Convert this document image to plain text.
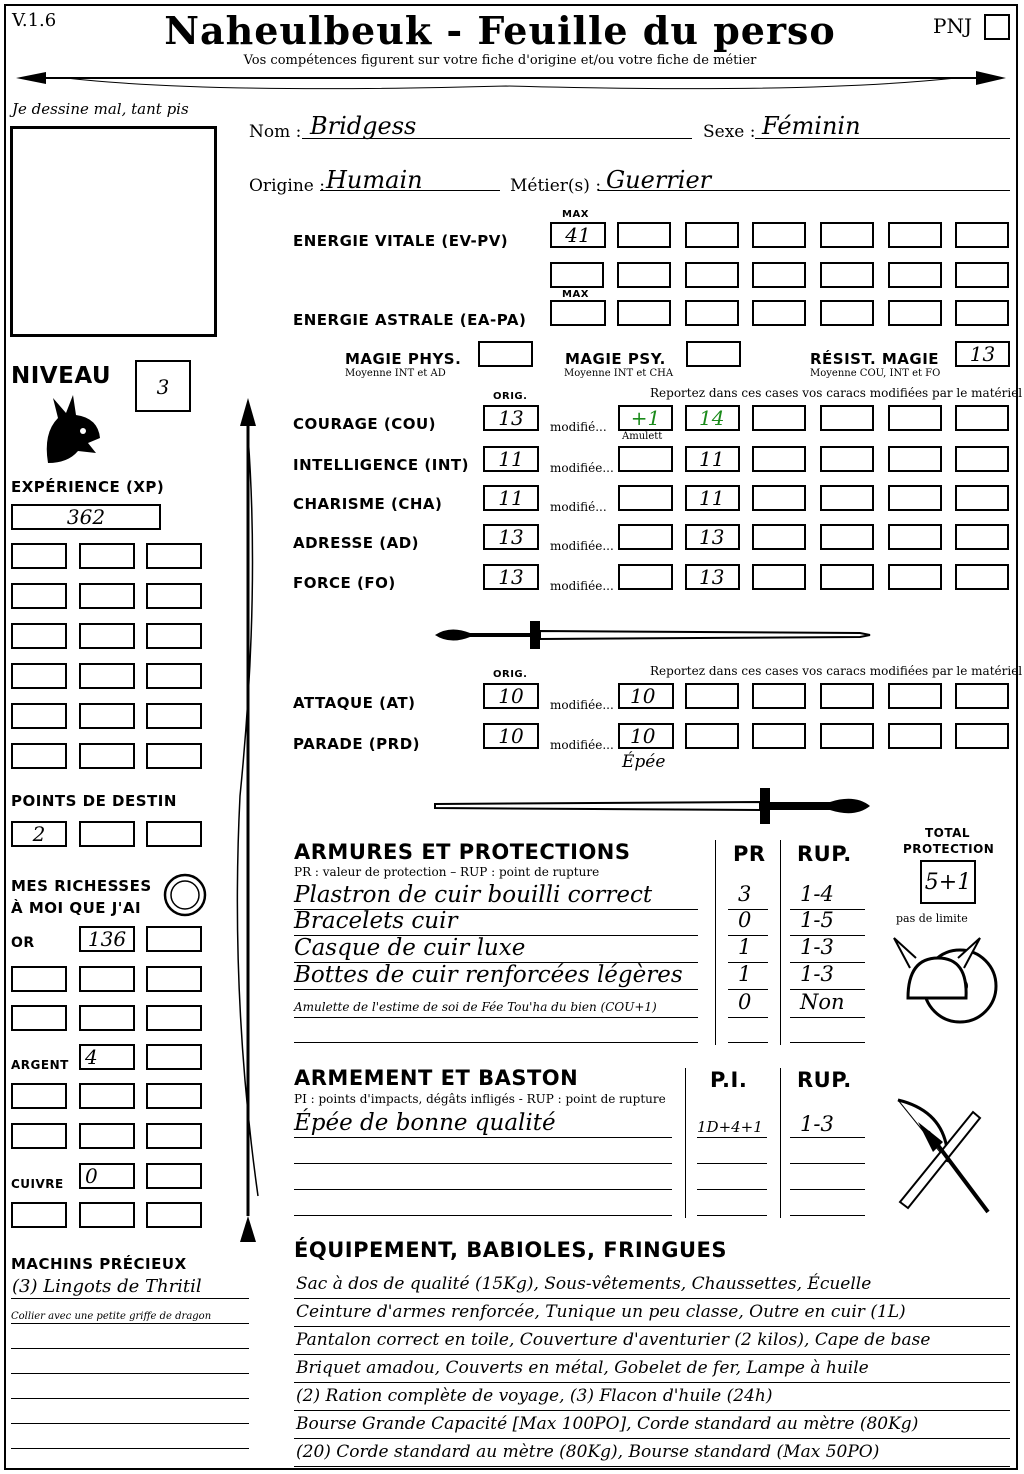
V.1.6	Naheulbeuk - Feuille du perso
Vos compétences figurent sur votre fiche d'origine et/ou votre fiche de métier
PNJ
Je dessine mal, tant pis
Nom : Bridgess	Sexe : Féminin
Origine : Humain	Métier(s) : Guerrier
MAX
ENERGIE VITALE (EV-PV)	41
MAX
ENERGIE ASTRALE (EA-PA)
MAGIE PHYS.
Moyenne INT et AD
MAGIE PSY.
Moyenne INT et CHA
RÉSIST. MAGIE
Moyenne COU, INT et FO
13
NIVEAU	3
EXPÉRIENCE (XP)
362
POINTS DE DESTIN
2
MES RICHESSES
À MOI QUE J'AI
OR	136
ARGENT 4
CUIVRE	0
MACHINS PRÉCIEUX
(3) Lingots de Thritil
Collier avec une petite griffe de dragon
ORIG.	Reportez dans ces cases vos caracs modifiées par le matériel
Amulett
ORIG.	Reportez dans ces cases vos caracs modifiées par le matériel
ATTAQUE (AT)	10	modifiée... 10
PARADE (PRD)	10	modifiée... 10
Épée
ARMURES ET PROTECTIONS
PR : valeur de protection – RUP : point de rupture
PR RUP.
TOTAL
PROTECTION
5+1
pas de limite
ARMEMENT ET BASTON
PI : points d'impacts, dégâts infligés - RUP : point de rupture
P.I. RUP.
ÉQUIPEMENT, BABIOLES, FRINGUES
COURAGE (COU)	13	modifié...	+1	14
INTELLIGENCE (INT)	11	modifiée...	11
CHARISME (CHA)	11	modifié...	11
ADRESSE (AD)	13	modifiée...	13
FORCE (FO)	13	modifiée...	13
Plastron de cuir bouilli correct	3 1-4
Bracelets cuir	0 1-5
Casque de cuir luxe	1 1-3
Bottes de cuir renforcées légères	1 1-3
Amulette de l'estime de soi de Fée Tou'ha du bien (COU+1)	0 Non
Épée de bonne qualité	1D+4+1 1-3
Sac à dos de qualité (15Kg), Sous-vêtements, Chaussettes, Écuelle
Ceinture d'armes renforcée, Tunique un peu classe, Outre en cuir (1L)
Pantalon correct en toile, Couverture d'aventurier (2 kilos), Cape de base
Briquet amadou, Couverts en métal, Gobelet de fer, Lampe à huile
(2) Ration complète de voyage, (3) Flacon d'huile (24h)
Bourse Grande Capacité [Max 100PO], Corde standard au mètre (80Kg)
(20) Corde standard au mètre (80Kg), Bourse standard (Max 50PO)
